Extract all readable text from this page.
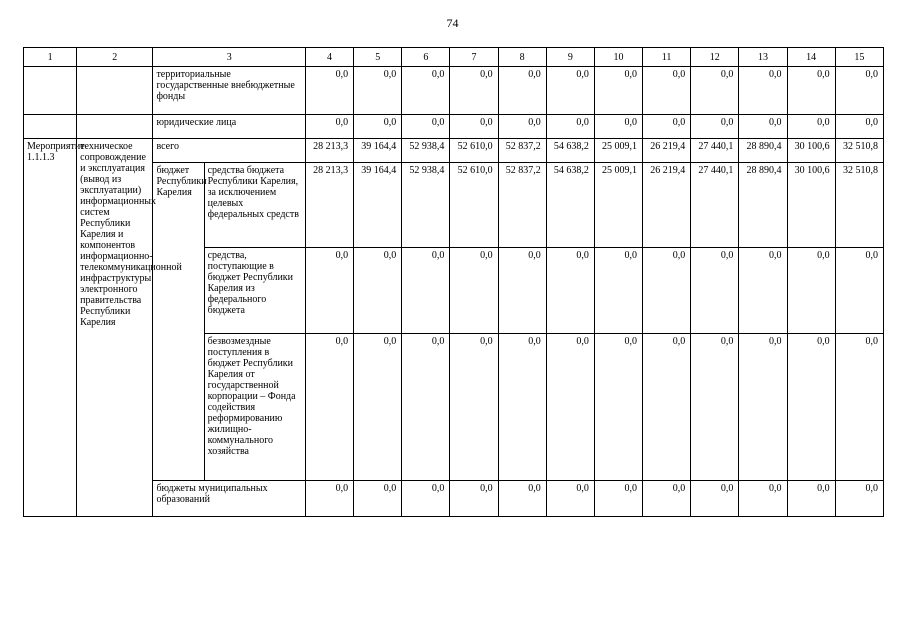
74
1	2	3		4	5	6	7	8	9	10	11	12	13	14	15
		территориальные государственные внебюджетные фонды		0,0	0,0	0,0	0,0	0,0	0,0	0,0	0,0	0,0	0,0	0,0	0,0
		юридические лица		0,0	0,0	0,0	0,0	0,0	0,0	0,0	0,0	0,0	0,0	0,0	0,0
Мероприятие 1.1.1.3	техническое сопровождение и эксплуатация (вывод из эксплуатации) информационных систем Республики Карелия и компонентов информационно-телекоммуникационной инфраструктуры электронного правительства Республики Карелия	всего		28 213,3	39 164,4	52 938,4	52 610,0	52 837,2	54 638,2	25 009,1	26 219,4	27 440,1	28 890,4	30 100,6	32 510,8
		бюджет Республики Карелия	средства бюджета Республики Карелия, за исключением целевых федеральных средств	28 213,3	39 164,4	52 938,4	52 610,0	52 837,2	54 638,2	25 009,1	26 219,4	27 440,1	28 890,4	30 100,6	32 510,8
			средства, поступающие в бюджет Республики Карелия из федерального бюджета	0,0	0,0	0,0	0,0	0,0	0,0	0,0	0,0	0,0	0,0	0,0	0,0
			безвозмездные поступления в бюджет Республики Карелия от государственной корпорации – Фонда содействия реформированию жилищно-коммунального хозяйства	0,0	0,0	0,0	0,0	0,0	0,0	0,0	0,0	0,0	0,0	0,0	0,0
		бюджеты муниципальных образований		0,0	0,0	0,0	0,0	0,0	0,0	0,0	0,0	0,0	0,0	0,0	0,0
